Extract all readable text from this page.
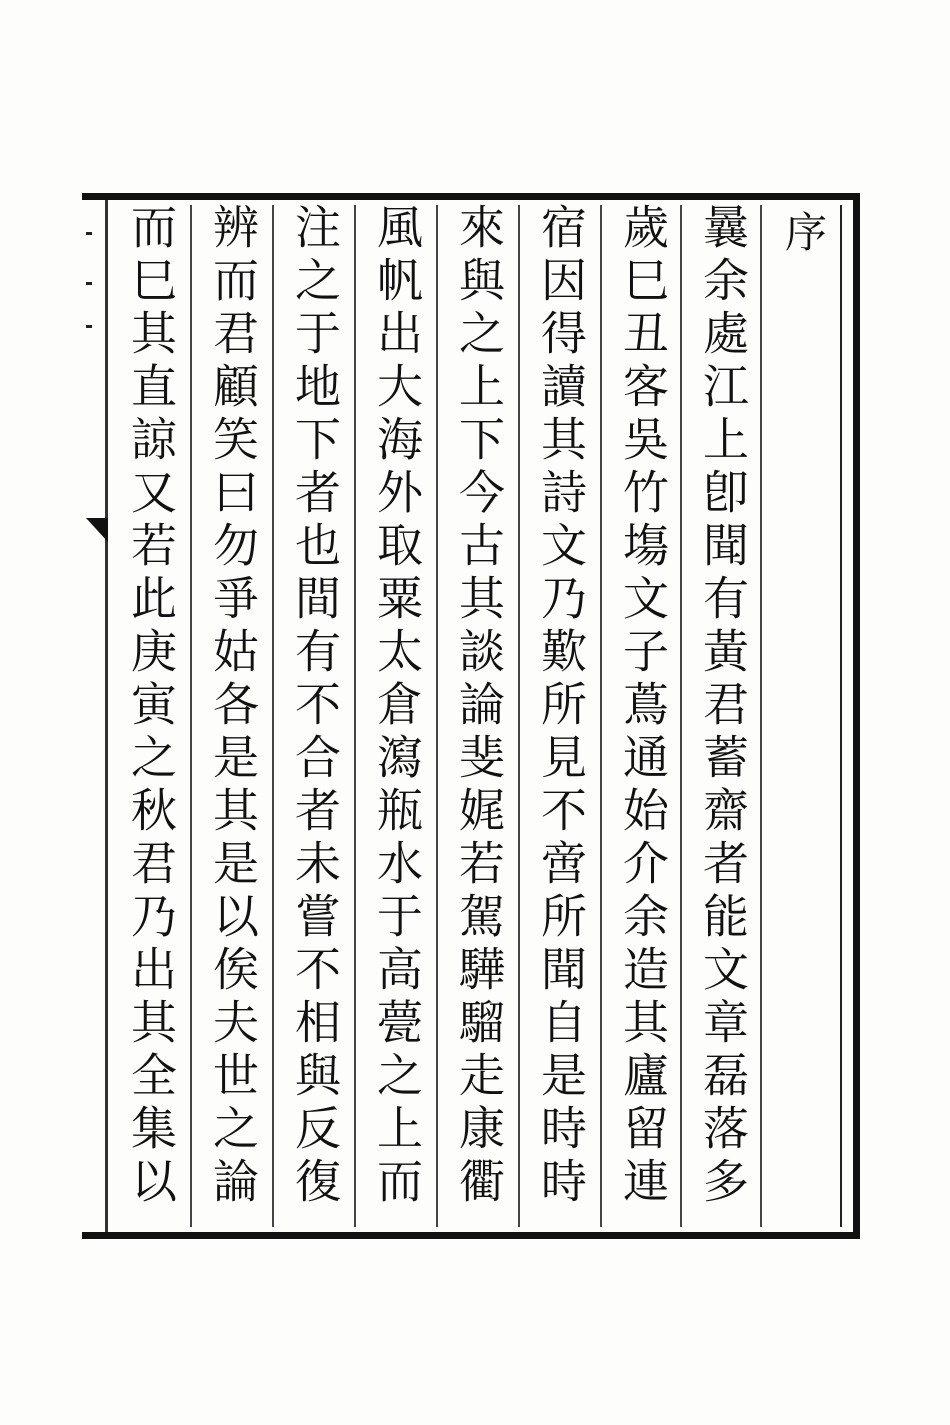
序
曩余處江上卽聞有黃君蓄齋者能文章磊落多
歲巳丑客吳竹塲文子蔦通始介余造其廬留連
宿因得讀其詩文乃歎所見不啻所聞自是時時
來與之上下今古其談論斐娓若駕驊騮走康衢
風帆出大海外取粟太倉瀉瓶水于高甍之上而
注之于地下者也間有不合者未嘗不相與反復
辨而君顧笑曰勿爭姑各是其是以俟夫世之論
而巳其直諒又若此庚寅之秋君乃出其全集以
